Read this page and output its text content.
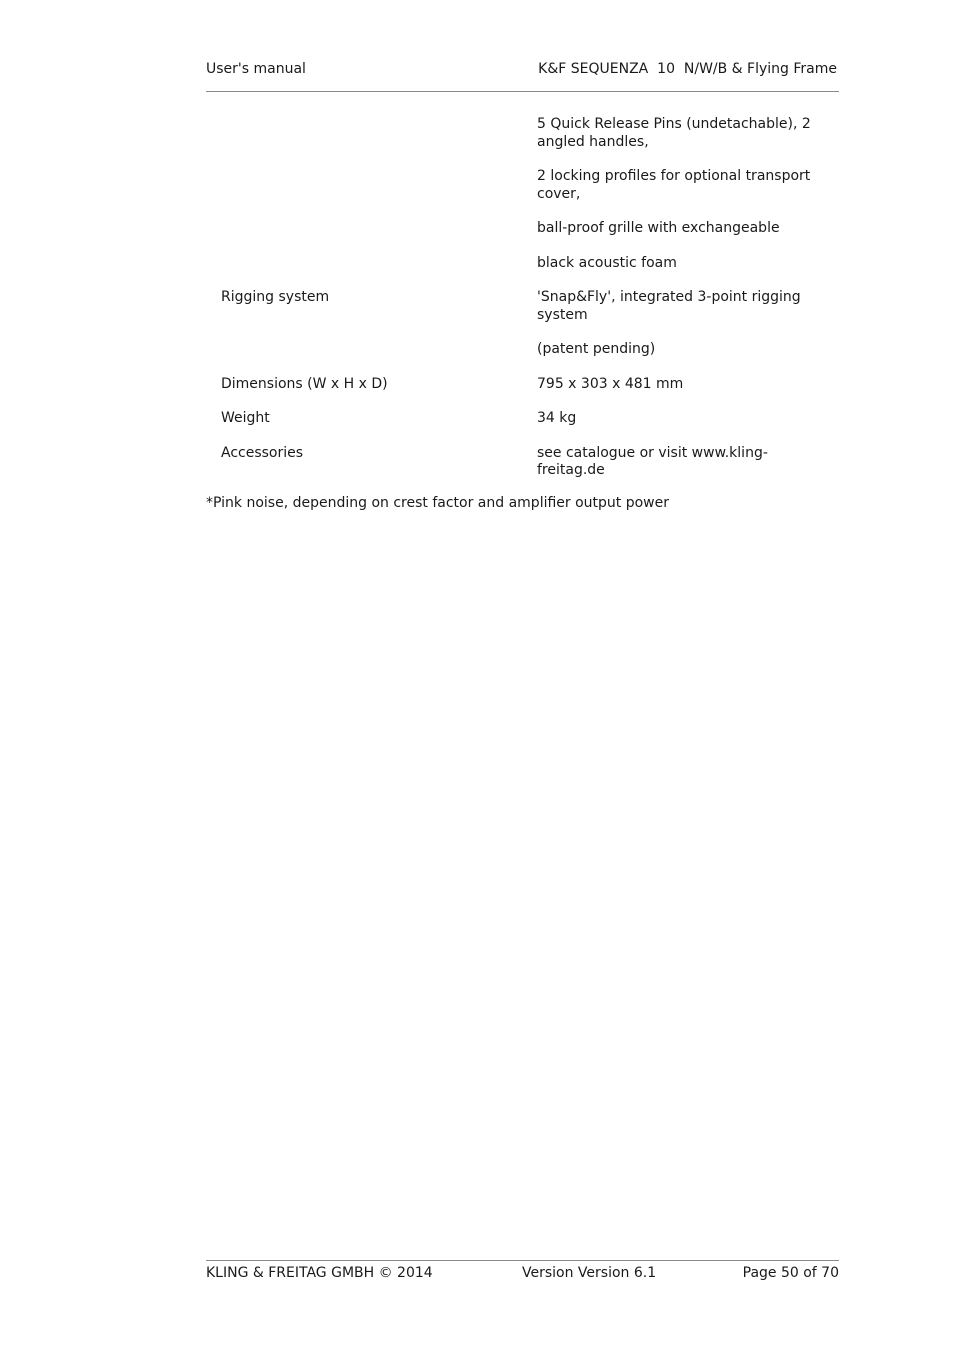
User's manual	K&F SEQUENZA  10  N/W/B & Flying Frame
5 Quick Release Pins (undetachable), 2 angled handles,
2 locking profiles for optional transport cover,
ball-proof grille with exchangeable
black acoustic foam
Rigging system	'Snap&Fly', integrated 3-point rigging system
(patent pending)
Dimensions (W x H x D)	795 x 303 x 481 mm
Weight	34 kg
Accessories	see catalogue or visit www.kling-freitag.de
*Pink noise, depending on crest factor and amplifier output power
KLING & FREITAG GMBH © 2014	Version Version 6.1	Page 50 of 70
